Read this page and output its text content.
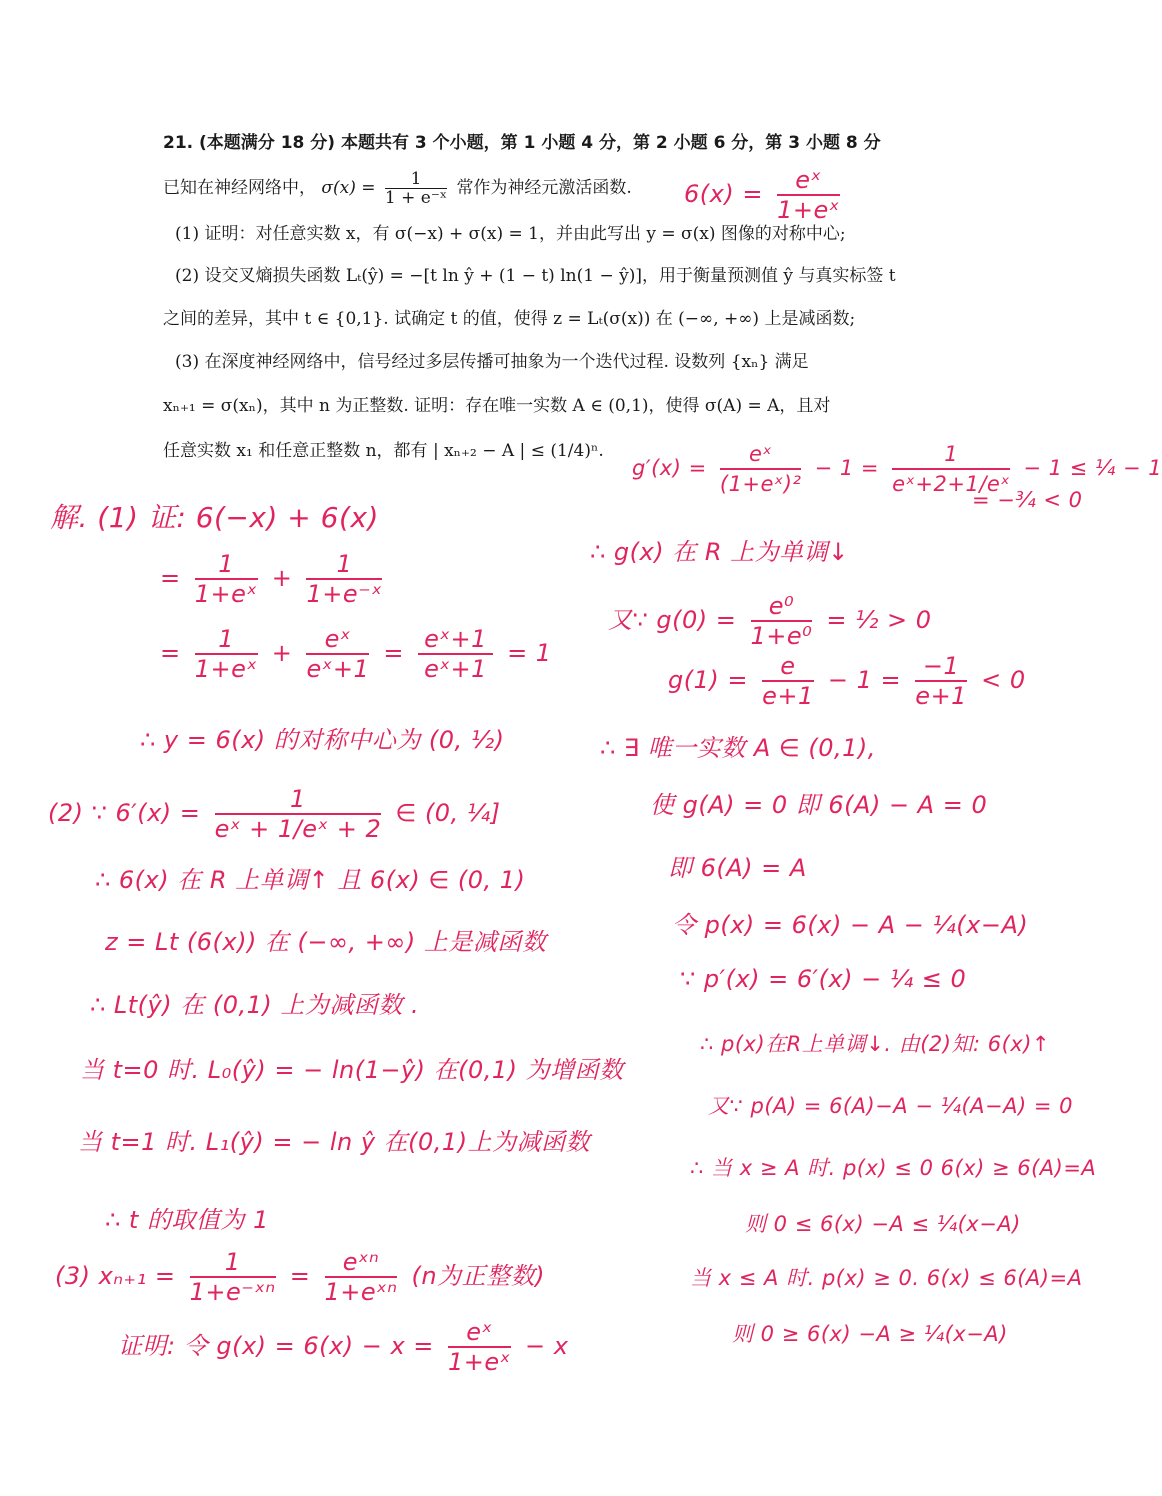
21. (本题满分 18 分) 本题共有 3 个小题，第 1 小题 4 分，第 2 小题 6 分，第 3 小题 8 分
已知在神经网络中， $\sigma(x) = \frac{1}{\text{1 + e⁻ˣ}}$ 常作为神经元激活函数.
(1) 证明：对任意实数 x，有 σ(−x) + σ(x) = 1，并由此写出 y = σ(x) 图像的对称中心;
(2) 设交叉熵损失函数 Lₜ(ŷ) = −[t ln ŷ + (1 − t) ln(1 − ŷ)]，用于衡量预测值 ŷ 与真实标签 t
之间的差异，其中 t ∈ {0,1}. 试确定 t 的值，使得 z = Lₜ(σ(x)) 在 (−∞, +∞) 上是减函数;
(3) 在深度神经网络中，信号经过多层传播可抽象为一个迭代过程. 设数列 {xₙ} 满足
xₙ₊₁ = σ(xₙ)，其中 n 为正整数. 证明：存在唯一实数 A ∈ (0,1)，使得 σ(A) = A，且对
任意实数 x₁ 和任意正整数 n，都有 | xₙ₊₂ − A | ≤ (1/4)ⁿ.
$6(x) = \frac{\text{eˣ}}{\text{1+eˣ}}$
解. (1) 证: 6(−x) + 6(x)
= $\frac{1}{\text{1+eˣ}} + \frac{1}{\text{1+e⁻ˣ}}$
= $\frac{1}{\text{1+eˣ}} + \frac{\text{eˣ}}{\text{eˣ+1}} = \frac{\text{eˣ+1}}{\text{eˣ+1}} = 1$
∴ y = 6(x) 的对称中心为 (0, ½)
(2) ∵ $6'(x) = \frac{1}{\text{eˣ + 1/eˣ + 2}}$ ∈ (0, ¼]
∴ 6(x) 在 R 上单调↑ 且 6(x) ∈ (0, 1)
z = Lt (6(x)) 在 (−∞, +∞) 上是减函数
∴ Lt(ŷ) 在 (0,1) 上为减函数 .
当 t=0 时. L₀(ŷ) = − ln(1−ŷ) 在(0,1) 为增函数
当 t=1 时. L₁(ŷ) = − ln ŷ 在(0,1)上为减函数
∴ t 的取值为 1
(3) $x_{n+1} = \frac{1}{\text{1+e⁻ˣⁿ}} = \frac{\text{eˣⁿ}}{\text{1+eˣⁿ}} (n$为正整数)
证明: 令 $g(x) = 6(x) - x = \frac{\text{eˣ}}{\text{1+eˣ}} - x$
$g'(x) = \frac{\text{eˣ}}{\text{(1+eˣ)²}} - 1 = \frac{1}{\text{eˣ+2+1/eˣ}} - 1$ ≤ ¼ − 1
= −¾ < 0
∴ g(x) 在 R 上为单调↓
又∵ $g(0) = \frac{\text{e⁰}}{\text{1+e⁰}}$ = ½ > 0
$g(1) = \frac{e}{e+1} - 1 = \frac{-1}{e+1} < 0$
∴ ∃ 唯一实数 A ∈ (0,1),
使 g(A) = 0 即 6(A) − A = 0
即 6(A) = A
令 p(x) = 6(x) − A − ¼(x−A)
∵ p′(x) = 6′(x) − ¼ ≤ 0
∴ p(x)在R上单调↓. 由(2)知: 6(x)↑
又∵ p(A) = 6(A)−A − ¼(A−A) = 0
∴ 当 x ≥ A 时. p(x) ≤ 0 6(x) ≥ 6(A)=A
则 0 ≤ 6(x) −A ≤ ¼(x−A)
当 x ≤ A 时. p(x) ≥ 0. 6(x) ≤ 6(A)=A
则 0 ≥ 6(x) −A ≥ ¼(x−A)
